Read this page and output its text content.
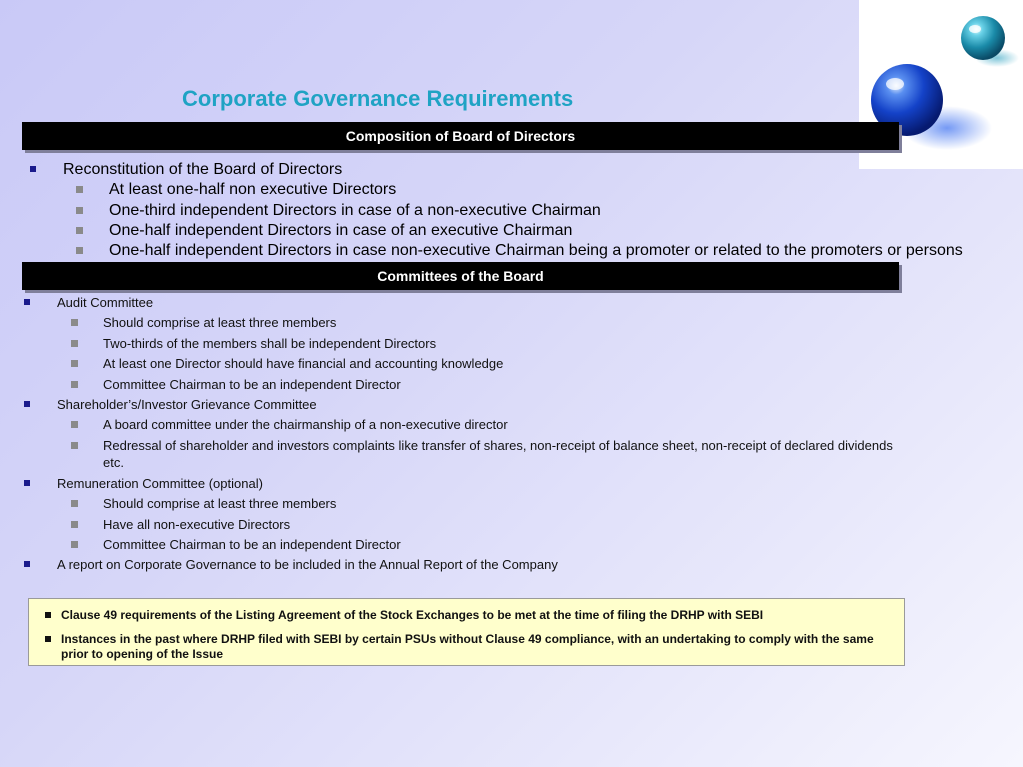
Corporate Governance Requirements
Composition of Board of Directors
Reconstitution of the Board of Directors
At least one-half non executive Directors
One-third independent Directors in case of a non-executive Chairman
One-half independent Directors in case of an executive Chairman
One-half independent Directors in case non-executive Chairman being a promoter or related to the promoters or persons
Committees of the Board
Audit Committee
Should comprise at least three members
Two-thirds of the members shall be independent Directors
At least one Director should have financial and accounting knowledge
Committee Chairman to be an independent Director
Shareholder’s/Investor Grievance Committee
A board committee under the chairmanship of a non-executive director
Redressal of shareholder and investors complaints like transfer of shares, non-receipt of balance sheet, non-receipt of declared dividends etc.
Remuneration Committee (optional)
Should comprise at least three members
Have all non-executive Directors
Committee Chairman to be an independent Director
A report on Corporate Governance to be included in the Annual Report of the Company
Clause 49 requirements of the Listing Agreement of the Stock Exchanges to be met at the time of filing the DRHP with SEBI
Instances in the past where DRHP filed with SEBI by certain PSUs without Clause 49 compliance, with an undertaking to comply with the same prior to opening of the Issue
